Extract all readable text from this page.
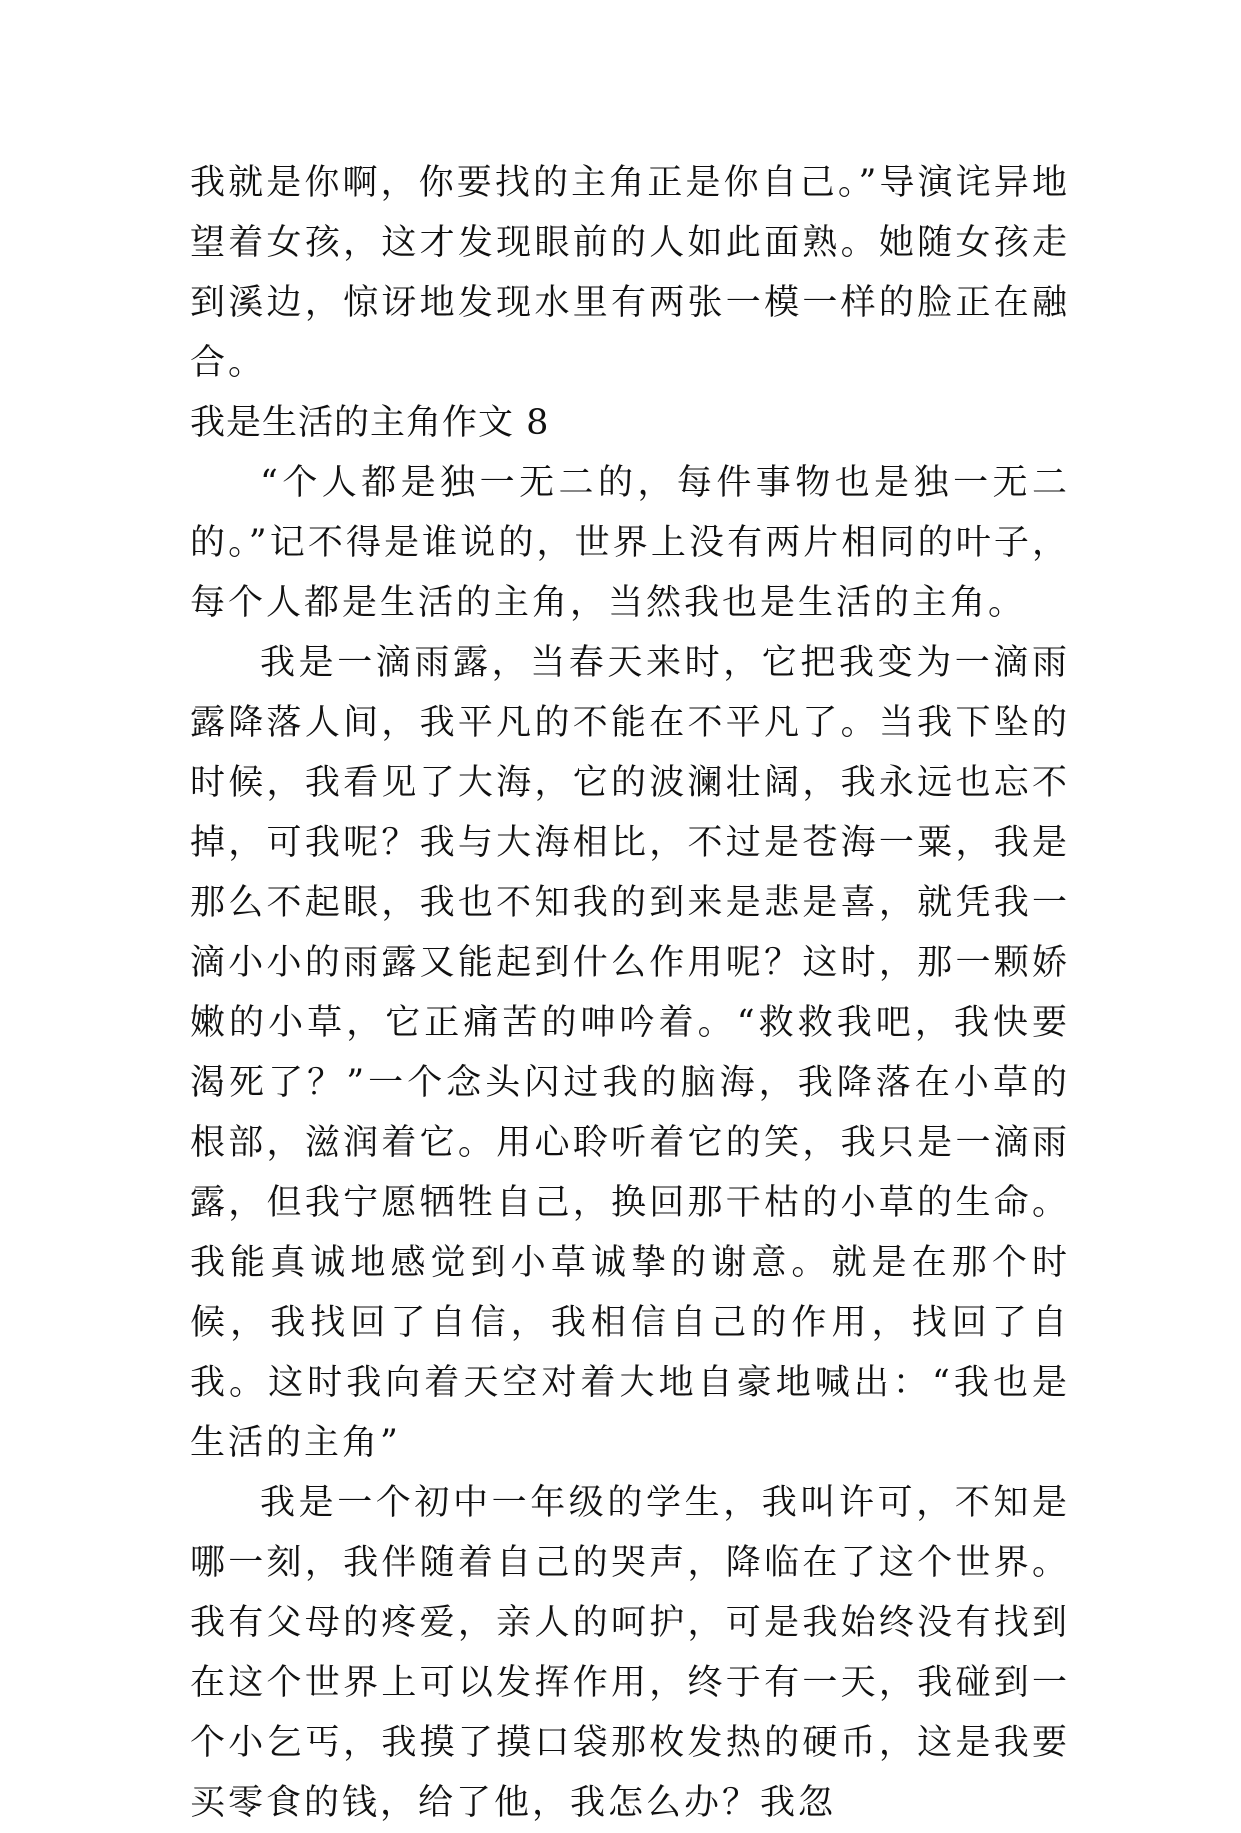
我就是你啊，你要找的主角正是你自己。”导演诧异地望着女孩，这才发现眼前的人如此面熟。她随女孩走到溪边，惊讶地发现水里有两张一模一样的脸正在融合。

我是生活的主角作文 8

“个人都是独一无二的，每件事物也是独一无二的。”记不得是谁说的，世界上没有两片相同的叶子，每个人都是生活的主角，当然我也是生活的主角。

我是一滴雨露，当春天来时，它把我变为一滴雨露降落人间，我平凡的不能在不平凡了。当我下坠的时候，我看见了大海，它的波澜壮阔，我永远也忘不掉，可我呢？我与大海相比，不过是苍海一粟，我是那么不起眼，我也不知我的到来是悲是喜，就凭我一滴小小的雨露又能起到什么作用呢？这时，那一颗娇嫩的小草，它正痛苦的呻吟着。“救救我吧，我快要渴死了？”一个念头闪过我的脑海，我降落在小草的根部，滋润着它。用心聆听着它的笑，我只是一滴雨露，但我宁愿牺牲自己，换回那干枯的小草的生命。我能真诚地感觉到小草诚挚的谢意。就是在那个时候，我找回了自信，我相信自己的作用，找回了自我。这时我向着天空对着大地自豪地喊出：“我也是生活的主角”

我是一个初中一年级的学生，我叫许可，不知是哪一刻，我伴随着自己的哭声，降临在了这个世界。我有父母的疼爱，亲人的呵护，可是我始终没有找到在这个世界上可以发挥作用，终于有一天，我碰到一个小乞丐，我摸了摸口袋那枚发热的硬币，这是我要买零食的钱，给了他，我怎么办？我忽
